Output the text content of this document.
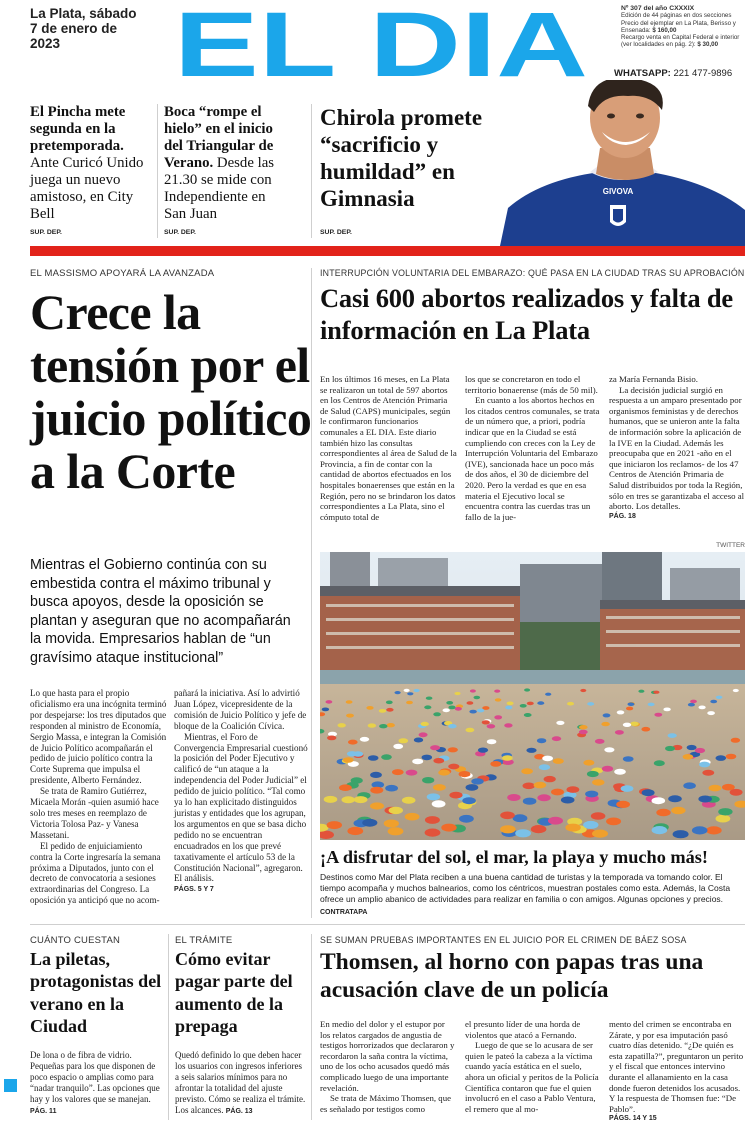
La Plata, sábado 7 de enero de 2023	EL DIA	Nº 307 del año CXXXIX
Edición de 44 páginas en dos secciones
Precio del ejemplar en La Plata, Berisso y Ensenada: $ 160,00
Recargo venta en Capital Federal e interior (ver localidades en pág. 2): $ 30,00
WHATSAPP: 221 477-9896
El Pincha mete segunda en la pretemporada. Ante Curicó Unido juega un nuevo amistoso, en City Bell
SUP. DEP.
Boca “rompe el hielo” en el inicio del Triangular de Verano. Desde las 21.30 se mide con Independiente en San Juan
SUP. DEP.
Chirola promete “sacrificio y humildad” en Gimnasia
SUP. DEP.
GIVOVA
EL MASSISMO APOYARÁ LA AVANZADA
Crece la tensión por el juicio político a la Corte
Mientras el Gobierno continúa con su embestida contra el máximo tribunal y busca apoyos, desde la oposición se plantan y aseguran que no acompañarán la movida. Empresarios hablan de “un gravísimo ataque institucional”

Lo que hasta para el propio oficialismo era una incógnita terminó por despejarse: los tres diputados que responden al ministro de Economía, Sergio Massa, e integran la Comisión de Juicio Político acompañarán el pedido de juicio político contra la Corte Suprema que impulsa el presidente, Alberto Fernández.

Se trata de Ramiro Gutiérrez, Micaela Morán -quien asumió hace solo tres meses en reemplazo de Victoria Tolosa Paz- y Vanesa Massetani.

El pedido de enjuiciamiento contra la Corte ingresaría la semana próxima a Diputados, junto con el decreto de convocatoria a sesiones extraordinarias del Congreso. La oposición ya anticipó que no acom-

pañará la iniciativa. Así lo advirtió Juan López, vicepresidente de la comisión de Juicio Político y jefe de bloque de la Coalición Cívica.

Mientras, el Foro de Convergencia Empresarial cuestionó la posición del Poder Ejecutivo y calificó de “un ataque a la independencia del Poder Judicial” el pedido de juicio político. “Tal como ya lo han explicitado distinguidos juristas y entidades que los agrupan, los argumentos en que se basa dicho pedido no se encuentran encuadrados en los que prevé taxativamente el artículo 53 de la Constitución Nacional”, agregaron. El análisis.

PÁGS. 5 Y 7
INTERRUPCIÓN VOLUNTARIA DEL EMBARAZO: QUÉ PASA EN LA CIUDAD TRAS SU APROBACIÓN
Casi 600 abortos realizados y falta de información en La Plata

En los últimos 16 meses, en La Plata se realizaron un total de 597 abortos en los Centros de Atención Primaria de Salud (CAPS) municipales, según le confirmaron funcionarios comunales a EL DIA. Este diario también hizo las consultas correspondientes al área de Salud de la Provincia, a fin de contar con la cantidad de abortos efectuados en los hospitales bonaerenses que están en la Región, pero no se brindaron los datos correspondientes a La Plata, sino el cómputo total de

los que se concretaron en todo el territorio bonaerense (más de 50 mil).

En cuanto a los abortos hechos en los citados centros comunales, se trata de un número que, a priori, podría indicar que en la Ciudad se está cumpliendo con creces con la Ley de Interrupción Voluntaria del Embarazo (IVE), sancionada hace un poco más de dos años, el 30 de diciembre del 2020. Pero la verdad es que en esa materia el Ejecutivo local se encuentra contra las cuerdas tras un fallo de la jue-

za María Fernanda Bisio.

La decisión judicial surgió en respuesta a un amparo presentado por organismos feministas y de derechos humanos, que se unieron ante la falta de información sobre la aplicación de la IVE en la Ciudad. Además les preocupaba que en 2021 -año en el que iniciaron los reclamos- de los 47 Centros de Atención Primaria de Salud distribuidos por toda la Región, sólo en tres se garantizaba el acceso al aborto. Los detalles.

PÁG. 18
TWITTER
¡A disfrutar del sol, el mar, la playa y mucho más!
Destinos como Mar del Plata reciben a una buena cantidad de turistas y la temporada va tomando color. El tiempo acompaña y muchos balnearios, como los céntricos, muestran postales como esta. Además, la Costa ofrece un amplio abanico de actividades para realizar en familia o con amigos. Algunas opciones y precios. CONTRATAPA
CUÁNTO CUESTAN
La piletas, protagonistas del verano en la Ciudad
De lona o de fibra de vidrio. Pequeñas para los que disponen de poco espacio o amplias como para “nadar tranquilo”. Las opciones que hay y los valores que se manejan. PÁG. 11
EL TRÁMITE
Cómo evitar pagar parte del aumento de la prepaga
Quedó definido lo que deben hacer los usuarios con ingresos inferiores a seis salarios mínimos para no afrontar la totalidad del ajuste previsto. Cómo se realiza el trámite. Los alcances. PÁG. 13
SE SUMAN PRUEBAS IMPORTANTES EN EL JUICIO POR EL CRIMEN DE BÁEZ SOSA
Thomsen, al horno con papas tras una acusación clave de un policía

En medio del dolor y el estupor por los relatos cargados de angustia de testigos horrorizados que declararon y recordaron la saña contra la víctima, uno de los ocho acusados quedó más complicado luego de una importante revelación.

Se trata de Máximo Thomsen, que es señalado por testigos como

el presunto líder de una horda de violentos que atacó a Fernando.

Luego de que se lo acusara de ser quien le pateó la cabeza a la víctima cuando yacía estática en el suelo, ahora un oficial y peritos de la Policía Científica contaron que fue el quien involucró en el caso a Pablo Ventura, el remero que al mo-

mento del crimen se encontraba en Zárate, y por esa imputación pasó cuatro días detenido. “¿De quién es esta zapatilla?”, preguntaron un perito y el fiscal que entonces intervino durante el allanamiento en la casa donde fueron detenidos los acusados. Y la respuesta de Thomsen fue: “De Pablo”.

PÁGS. 14 Y 15
